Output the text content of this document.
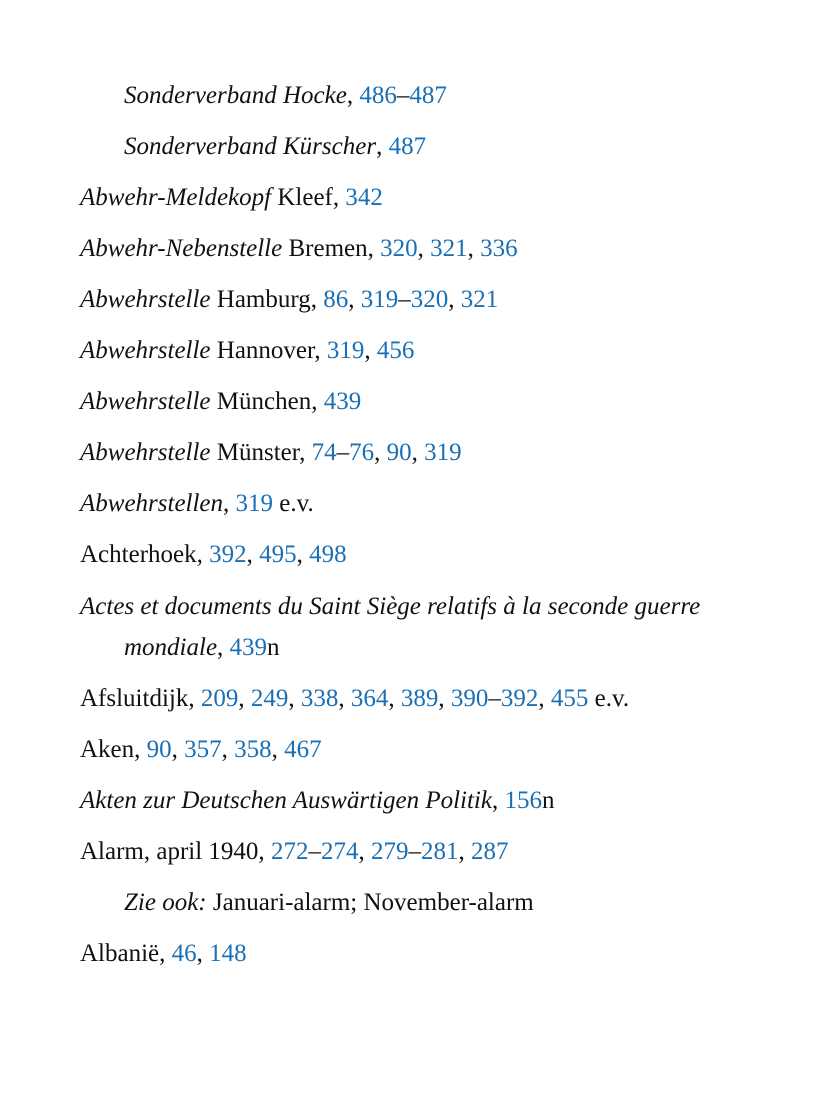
Sonderverband Hocke, 486–487
Sonderverband Kürscher, 487
Abwehr-Meldekopf Kleef, 342
Abwehr-Nebenstelle Bremen, 320, 321, 336
Abwehrstelle Hamburg, 86, 319–320, 321
Abwehrstelle Hannover, 319, 456
Abwehrstelle München, 439
Abwehrstelle Münster, 74–76, 90, 319
Abwehrstellen, 319 e.v.
Achterhoek, 392, 495, 498
Actes et documents du Saint Siège relatifs à la seconde guerre mondiale, 439n
Afsluitdijk, 209, 249, 338, 364, 389, 390–392, 455 e.v.
Aken, 90, 357, 358, 467
Akten zur Deutschen Auswärtigen Politik, 156n
Alarm, april 1940, 272–274, 279–281, 287
Zie ook: Januari-alarm; November-alarm
Albanië, 46, 148
